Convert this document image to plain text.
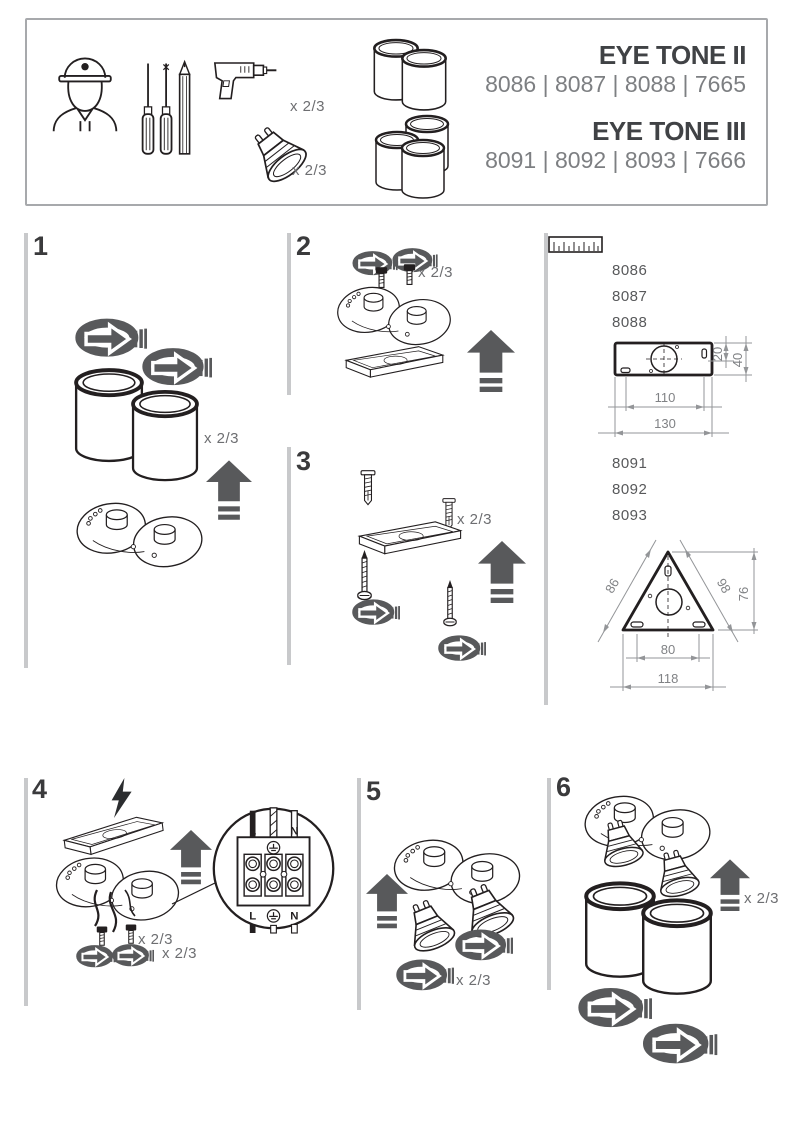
x 2/3
x 2/3
EYE TONE II
8086 | 8087 | 8088 | 7665
EYE TONE III
8091 | 8092 | 8093 | 7666
1	2
3
4	5	6
x 2/3
x 2/3
x 2/3
8086
8087
8088
110
130
20 40
8091
8092
8093
86	98 76
80
118
L	N
L	N
x 2/3
x 2/3
x 2/3
x 2/3
